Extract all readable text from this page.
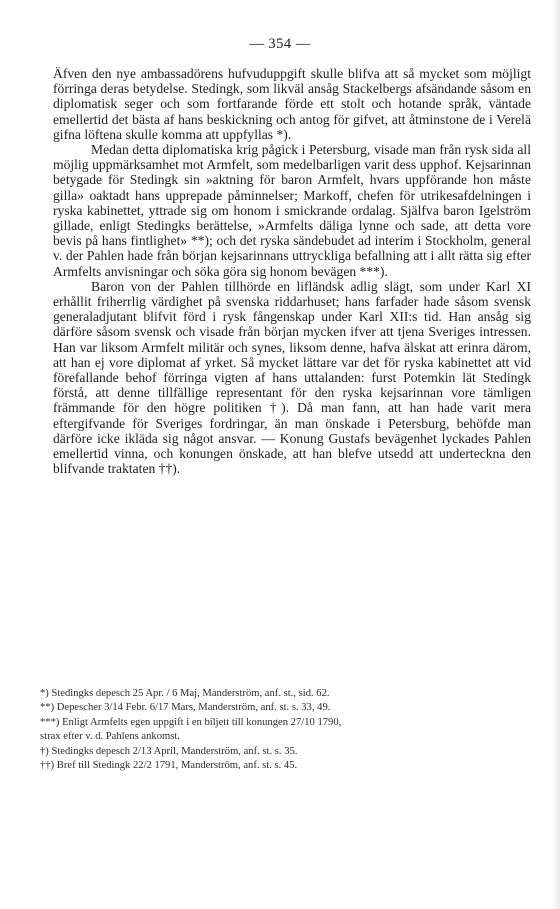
— 354 —

Äfven den nye ambassadörens hufvuduppgift skulle blifva att så mycket som möjligt förringa deras betydelse. Stedingk, som likväl ansåg Stackelbergs afsändande såsom en diplomatisk seger och som fortfarande förde ett stolt och hotande språk, väntade emellertid det bästa af hans beskickning och antog för gifvet, att åtminstone de i Verelä gifna löftena skulle komma att uppfyllas *).

Medan detta diplomatiska krig pågick i Petersburg, visade man från rysk sida all möjlig uppmärksamhet mot Armfelt, som medelbarligen varit dess upphof. Kejsarinnan betygade för Stedingk sin »aktning för baron Armfelt, hvars uppförande hon måste gilla» oaktadt hans upprepade påminnelser; Markoff, chefen för utrikesafdelningen i ryska kabinettet, yttrade sig om honom i smickrande ordalag. Själfva baron Igelström gillade, enligt Stedingks berättelse, »Armfelts däliga lynne och sade, att detta vore bevis på hans fintlighet» **); och det ryska sändebudet ad interim i Stockholm, general v. der Pahlen hade från början kejsarinnans uttryckliga befallning att i allt rätta sig efter Armfelts anvisningar och söka göra sig honom bevägen ***).

Baron von der Pahlen tillhörde en lifländsk adlig slägt, som under Karl XI erhållit friherrlig värdighet på svenska riddarhuset; hans farfader hade såsom svensk generaladjutant blifvit förd i rysk fångenskap under Karl XII:s tid. Han ansåg sig därföre såsom svensk och visade från början mycken ifver att tjena Sveriges intressen. Han var liksom Armfelt militär och synes, liksom denne, hafva älskat att erinra därom, att han ej vore diplomat af yrket. Så mycket lättare var det för ryska kabinettet att vid förefallande behof förringa vigten af hans uttalanden: furst Potemkin lät Stedingk förstå, att denne tillfällige representant för den ryska kejsarinnan vore tämligen främmande för den högre politiken †). Då man fann, att han hade varit mera eftergifvande för Sveriges fordringar, än man önskade i Petersburg, behöfde man därföre icke ikläda sig något ansvar. — Konung Gustafs bevägenhet lyckades Pahlen emellertid vinna, och konungen önskade, att han blefve utsedd att underteckna den blifvande traktaten ††).

*) Stedingks depesch 25 Apr. / 6 Maj, Manderström, anf. st., sid. 62.

**) Depescher 3/14 Febr. 6/17 Mars, Manderström, anf. st. s. 33, 49.

***) Enligt Armfelts egen uppgift i en biljett till konungen 27/10 1790,

strax efter v. d. Pahlens ankomst.

†) Stedingks depesch 2/13 April, Manderström, anf. st. s. 35.

††) Bref till Stedingk 22/2 1791, Manderström, anf. st. s. 45.
